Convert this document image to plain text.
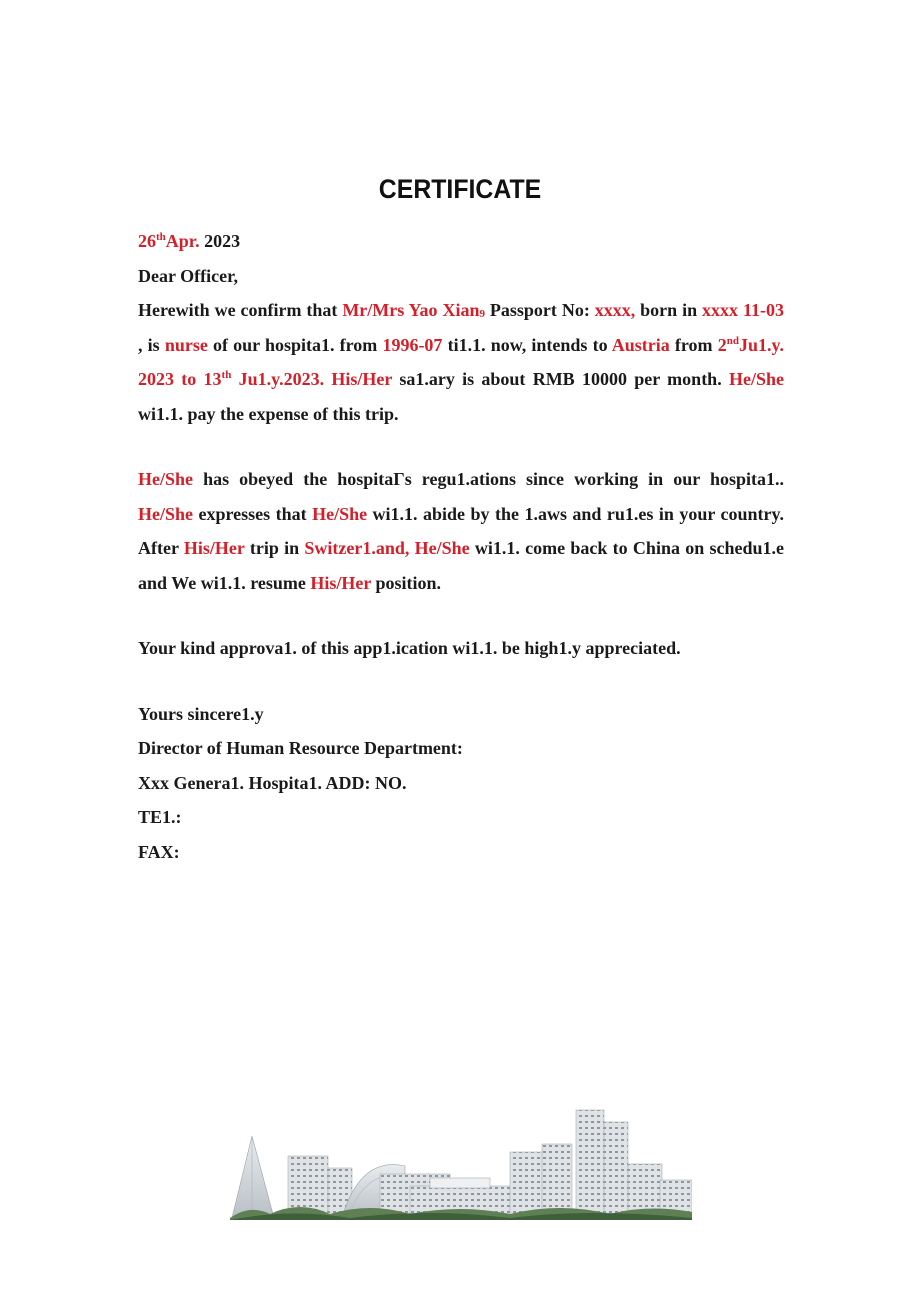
CERTIFICATE

26thApr. 2023

Dear Officer,

Herewith we confirm that Mr/Mrs Yao Xian$_9$ Passport No: xxxx, born in xxxx 11-03 , is nurse of our hospita1. from 1996-07 ti1.1. now, intends to Austria from 2ndJu1.y. 2023 to 13th Ju1.y.2023. His/Her sa1.ary is about RMB 10000 per month. He/She wi1.1. pay the expense of this trip.

He/She has obeyed the hospitaΓs regu1.ations since working in our hospita1.. He/She expresses that He/She wi1.1. abide by the 1.aws and ru1.es in your country. After His/Her trip in Switzer1.and, He/She wi1.1. come back to China on schedu1.e and We wi1.1. resume His/Her position.

Your kind approva1. of this app1.ication wi1.1. be high1.y appreciated.

Yours sincere1.y

Director of Human Resource Department:

Xxx Genera1. Hospita1. ADD: NO.

TE1.:

FAX:
